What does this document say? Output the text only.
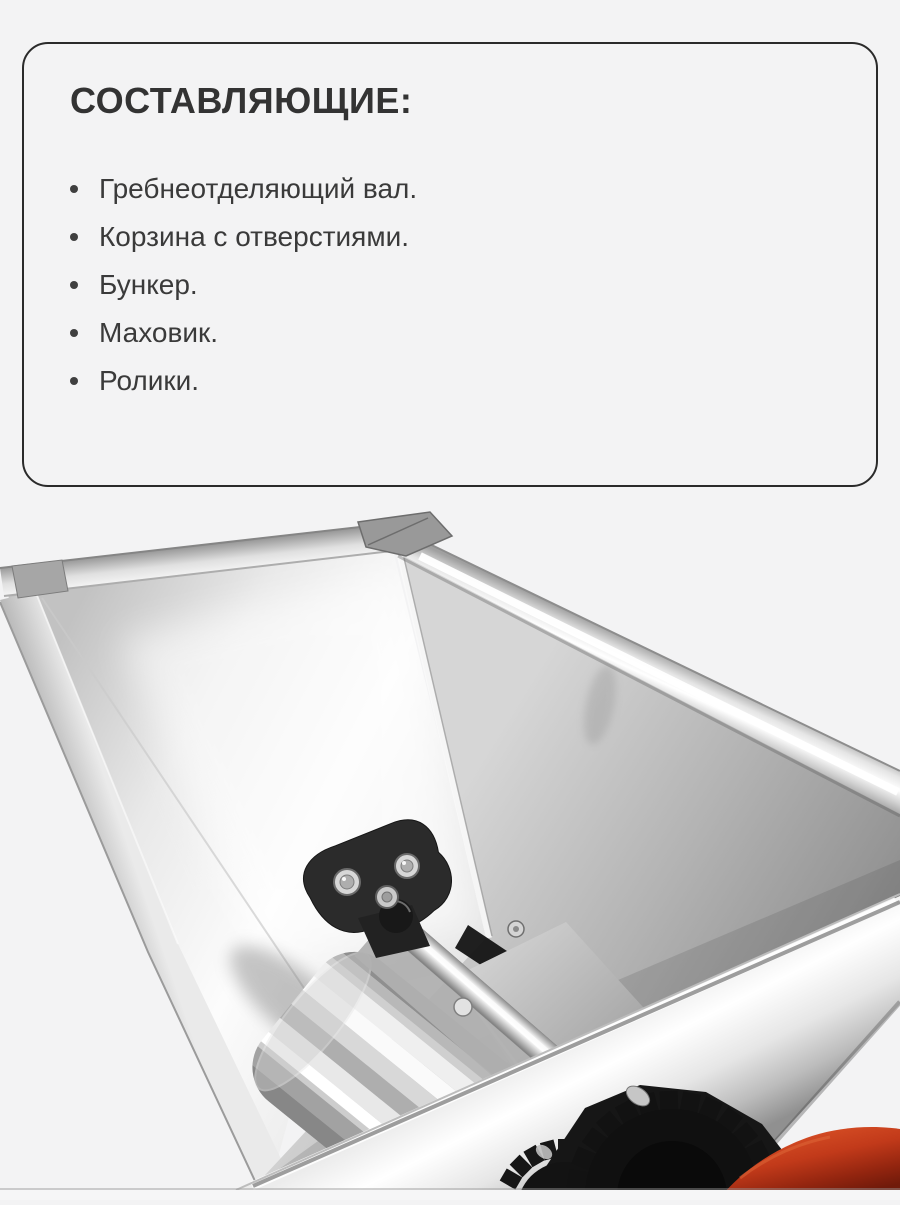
СОСТАВЛЯЮЩИЕ:
Гребнеотделяющий вал.
Корзина с отверстиями.
Бункер.
Маховик.
Ролики.
